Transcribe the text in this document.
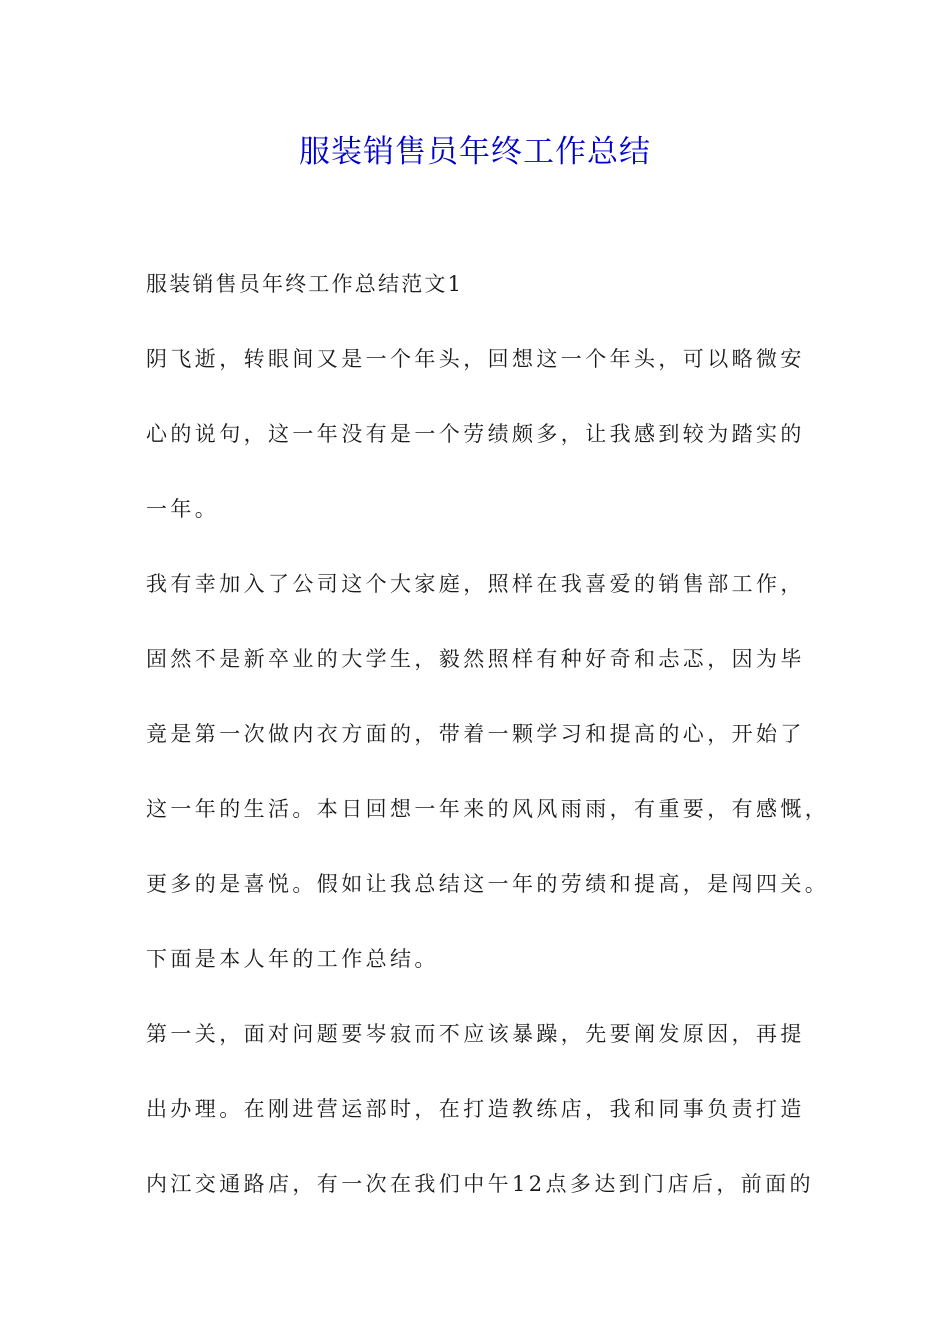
服装销售员年终工作总结
服装销售员年终工作总结范文1
阴飞逝，转眼间又是一个年头，回想这一个年头，可以略微安
心的说句，这一年没有是一个劳绩颇多，让我感到较为踏实的
一年。
我有幸加入了公司这个大家庭，照样在我喜爱的销售部工作，
固然不是新卒业的大学生，毅然照样有种好奇和忐忑，因为毕
竟是第一次做内衣方面的，带着一颗学习和提高的心，开始了
这一年的生活。本日回想一年来的风风雨雨，有重要，有感慨，
更多的是喜悦。假如让我总结这一年的劳绩和提高，是闯四关。
下面是本人年的工作总结。
第一关，面对问题要岑寂而不应该暴躁，先要阐发原因，再提
出办理。在刚进营运部时，在打造教练店，我和同事负责打造
内江交通路店，有一次在我们中午12点多达到门店后，前面的
